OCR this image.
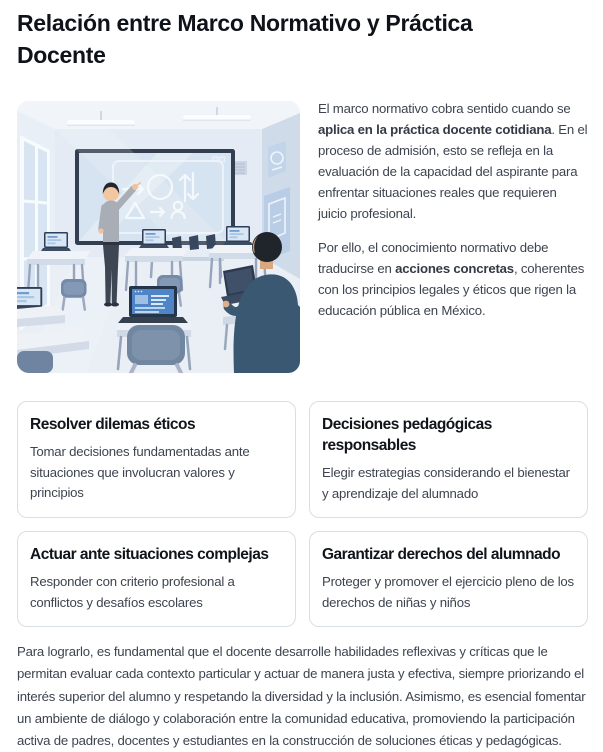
Relación entre Marco Normativo y Práctica Docente

El marco normativo cobra sentido cuando se aplica en la práctica docente cotidiana. En el proceso de admisión, esto se refleja en la evaluación de la capacidad del aspirante para enfrentar situaciones reales que requieren juicio profesional.

Por ello, el conocimiento normativo debe traducirse en acciones concretas, coherentes con los principios legales y éticos que rigen la educación pública en México.

Resolver dilemas éticos

Tomar decisiones fundamentadas ante situaciones que involucran valores y principios

Decisiones pedagógicas responsables

Elegir estrategias considerando el bienestar y aprendizaje del alumnado

Actuar ante situaciones complejas

Responder con criterio profesional a conflictos y desafíos escolares

Garantizar derechos del alumnado

Proteger y promover el ejercicio pleno de los derechos de niñas y niños

Para lograrlo, es fundamental que el docente desarrolle habilidades reflexivas y críticas que le permitan evaluar cada contexto particular y actuar de manera justa y efectiva, siempre priorizando el interés superior del alumno y respetando la diversidad y la inclusión. Asimismo, es esencial fomentar un ambiente de diálogo y colaboración entre la comunidad educativa, promoviendo la participación activa de padres, docentes y estudiantes en la construcción de soluciones éticas y pedagógicas.
